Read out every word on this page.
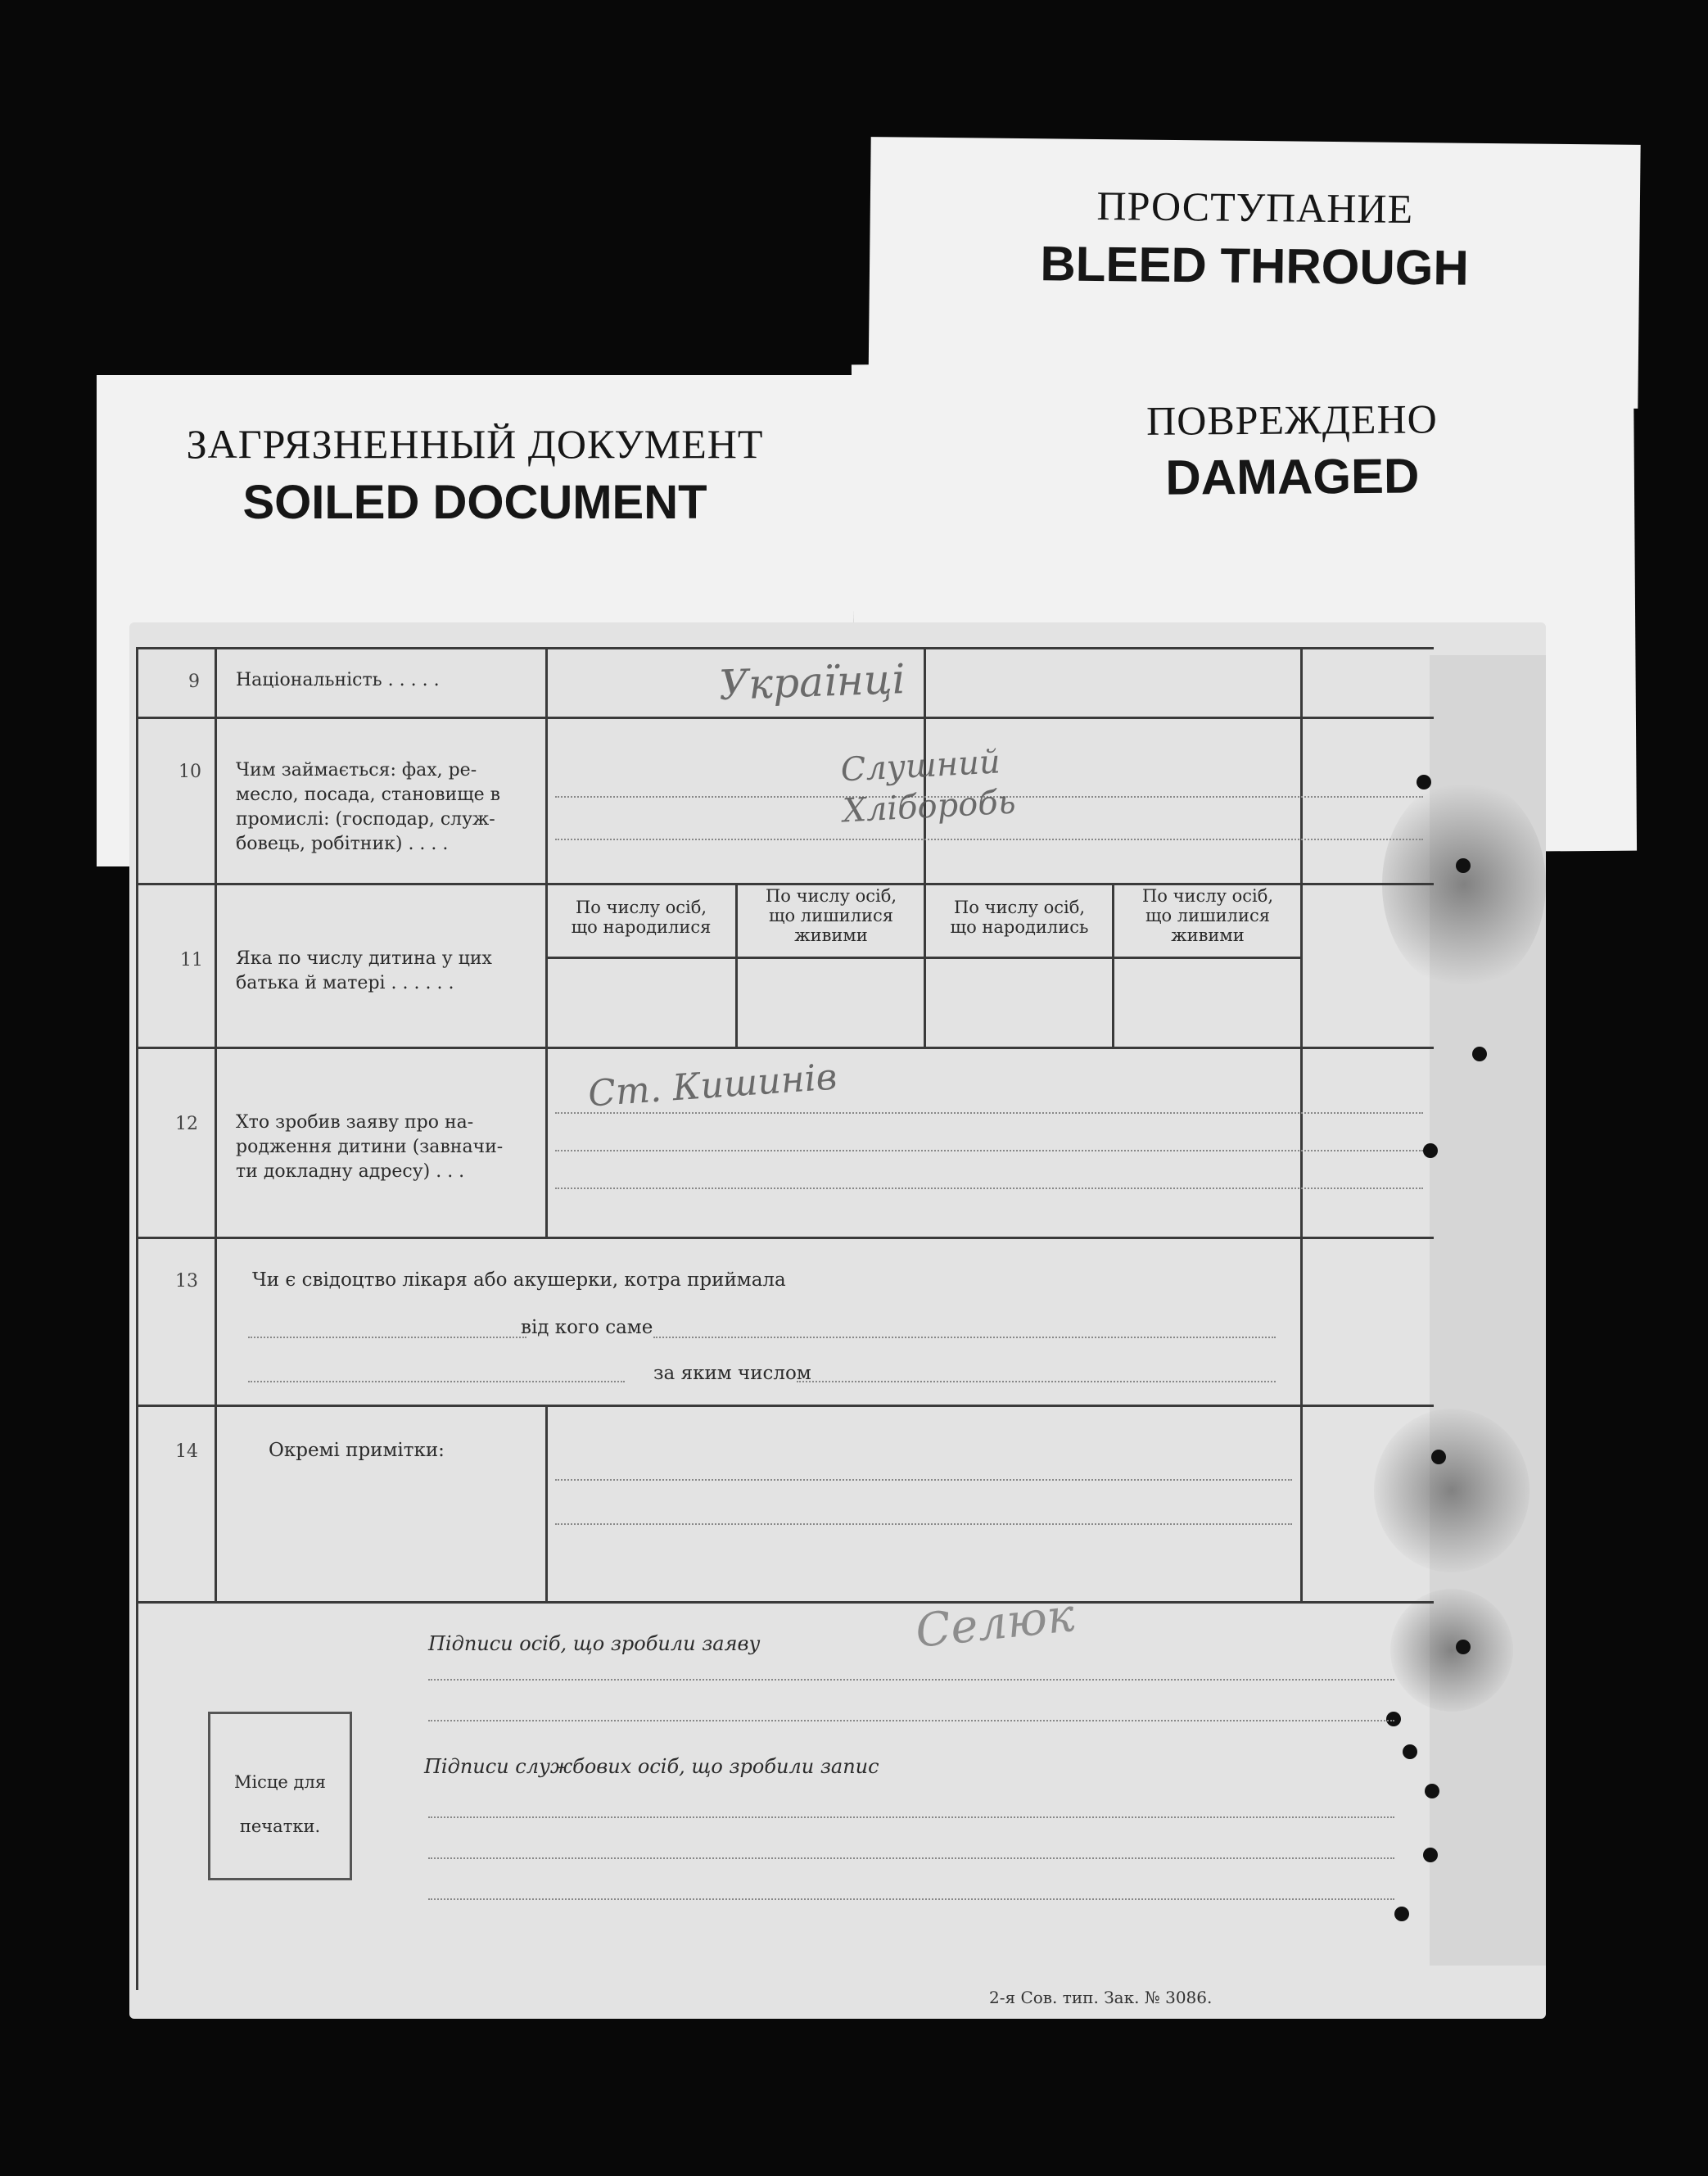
ПРОСТУПАНИЕ
BLEED THROUGH
ПОВРЕЖДЕНО
DAMAGED
ЗАГРЯЗНЕННЫЙ ДОКУМЕНТ
SOILED DOCUMENT
9 Національність . . . . .
10 Чим займається: фах, ре-
месло, посада, становище в
промислі: (господар, служ-
бовець, робітник) . . . .
11 Яка по числу дитина у цих
батька й матері . . . . . .
По числу осіб,
що народилися
По числу осіб,
що лишилися
живими
По числу осіб,
що народились
По числу осіб,
що лишилися
живими
12 Хто зробив заяву про на-
родження дитини (завначи-
ти докладну адресу) . . .
13	Чи є свідоцтво лікаря або акушерки, котра приймала
від кого саме
за яким числом
14	Окремі примітки:
Підписи осіб, що зробили заяву
Підписи службових осіб, що зробили запис
Місце для
печатки.
2-я Сов. тип. Зак. № 3086.
Українці
Слушний
Хліборобь
Ст. Кишинів
Селюк
